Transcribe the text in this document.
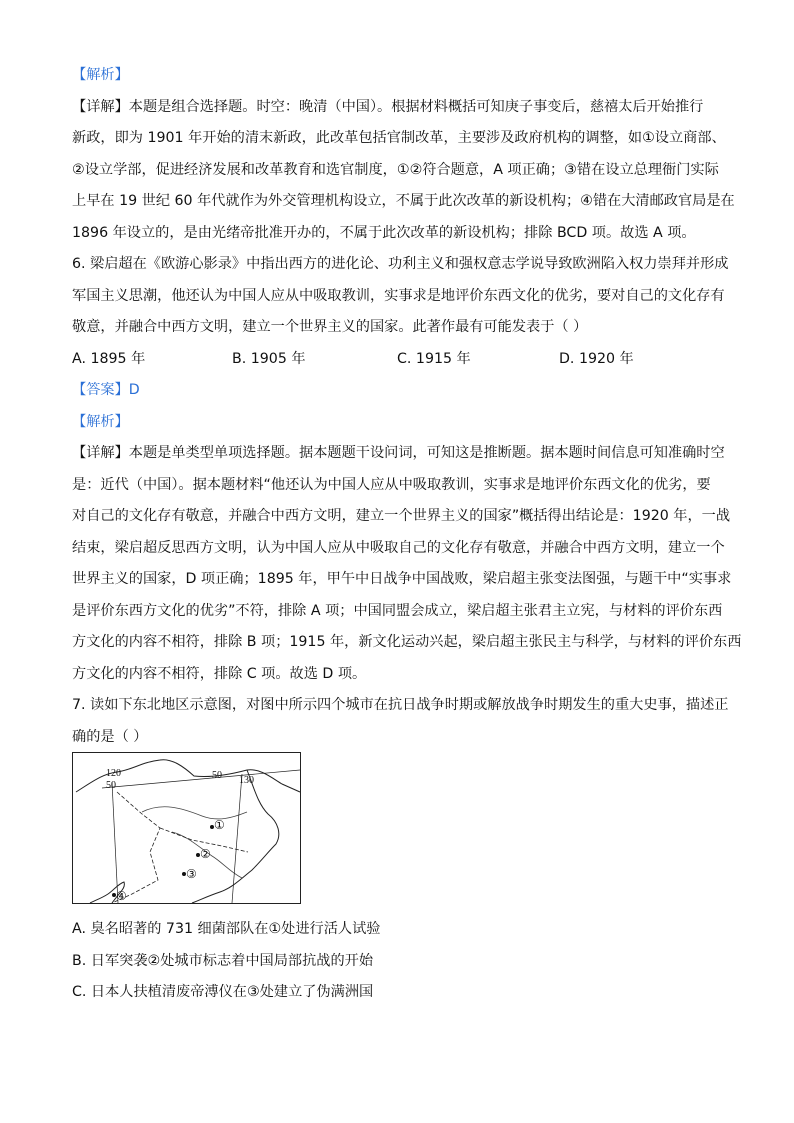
【解析】

【详解】本题是组合选择题。时空：晚清（中国）。根据材料概括可知庚子事变后，慈禧太后开始推行

新政，即为 1901 年开始的清末新政，此改革包括官制改革，主要涉及政府机构的调整，如①设立商部、

②设立学部，促进经济发展和改革教育和选官制度，①②符合题意，A 项正确；③错在设立总理衙门实际

上早在 19 世纪 60 年代就作为外交管理机构设立，不属于此次改革的新设机构；④错在大清邮政官局是在

1896 年设立的，是由光绪帝批准开办的，不属于此次改革的新设机构；排除 BCD 项。故选 A 项。

6. 梁启超在《欧游心影录》中指出西方的进化论、功利主义和强权意志学说导致欧洲陷入权力崇拜并形成

军国主义思潮，他还认为中国人应从中吸取教训，实事求是地评价东西文化的优劣，要对自己的文化存有

敬意，并融合中西方文明，建立一个世界主义的国家。此著作最有可能发表于（ ）

A. 1895 年	B. 1905 年	C. 1915 年	D. 1920 年

【答案】D

【解析】

【详解】本题是单类型单项选择题。据本题题干设问词，可知这是推断题。据本题时间信息可知准确时空

是：近代（中国）。据本题材料“他还认为中国人应从中吸取教训，实事求是地评价东西文化的优劣，要

对自己的文化存有敬意，并融合中西方文明，建立一个世界主义的国家”概括得出结论是：1920 年，一战

结束，梁启超反思西方文明，认为中国人应从中吸取自己的文化存有敬意，并融合中西方文明，建立一个

世界主义的国家，D 项正确；1895 年，甲午中日战争中国战败，梁启超主张变法图强，与题干中“实事求

是评价东西方文化的优劣”不符，排除 A 项；中国同盟会成立，梁启超主张君主立宪，与材料的评价东西

方文化的内容不相符，排除 B 项；1915 年，新文化运动兴起，梁启超主张民主与科学，与材料的评价东西

方文化的内容不相符，排除 C 项。故选 D 项。

7. 读如下东北地区示意图，对图中所示四个城市在抗日战争时期或解放战争时期发生的重大史事，描述正

确的是（ ）

120
50
50 130
①
②
③
④

A. 臭名昭著的 731 细菌部队在①处进行活人试验

B. 日军突袭②处城市标志着中国局部抗战的开始

C. 日本人扶植清废帝溥仪在③处建立了伪满洲国
